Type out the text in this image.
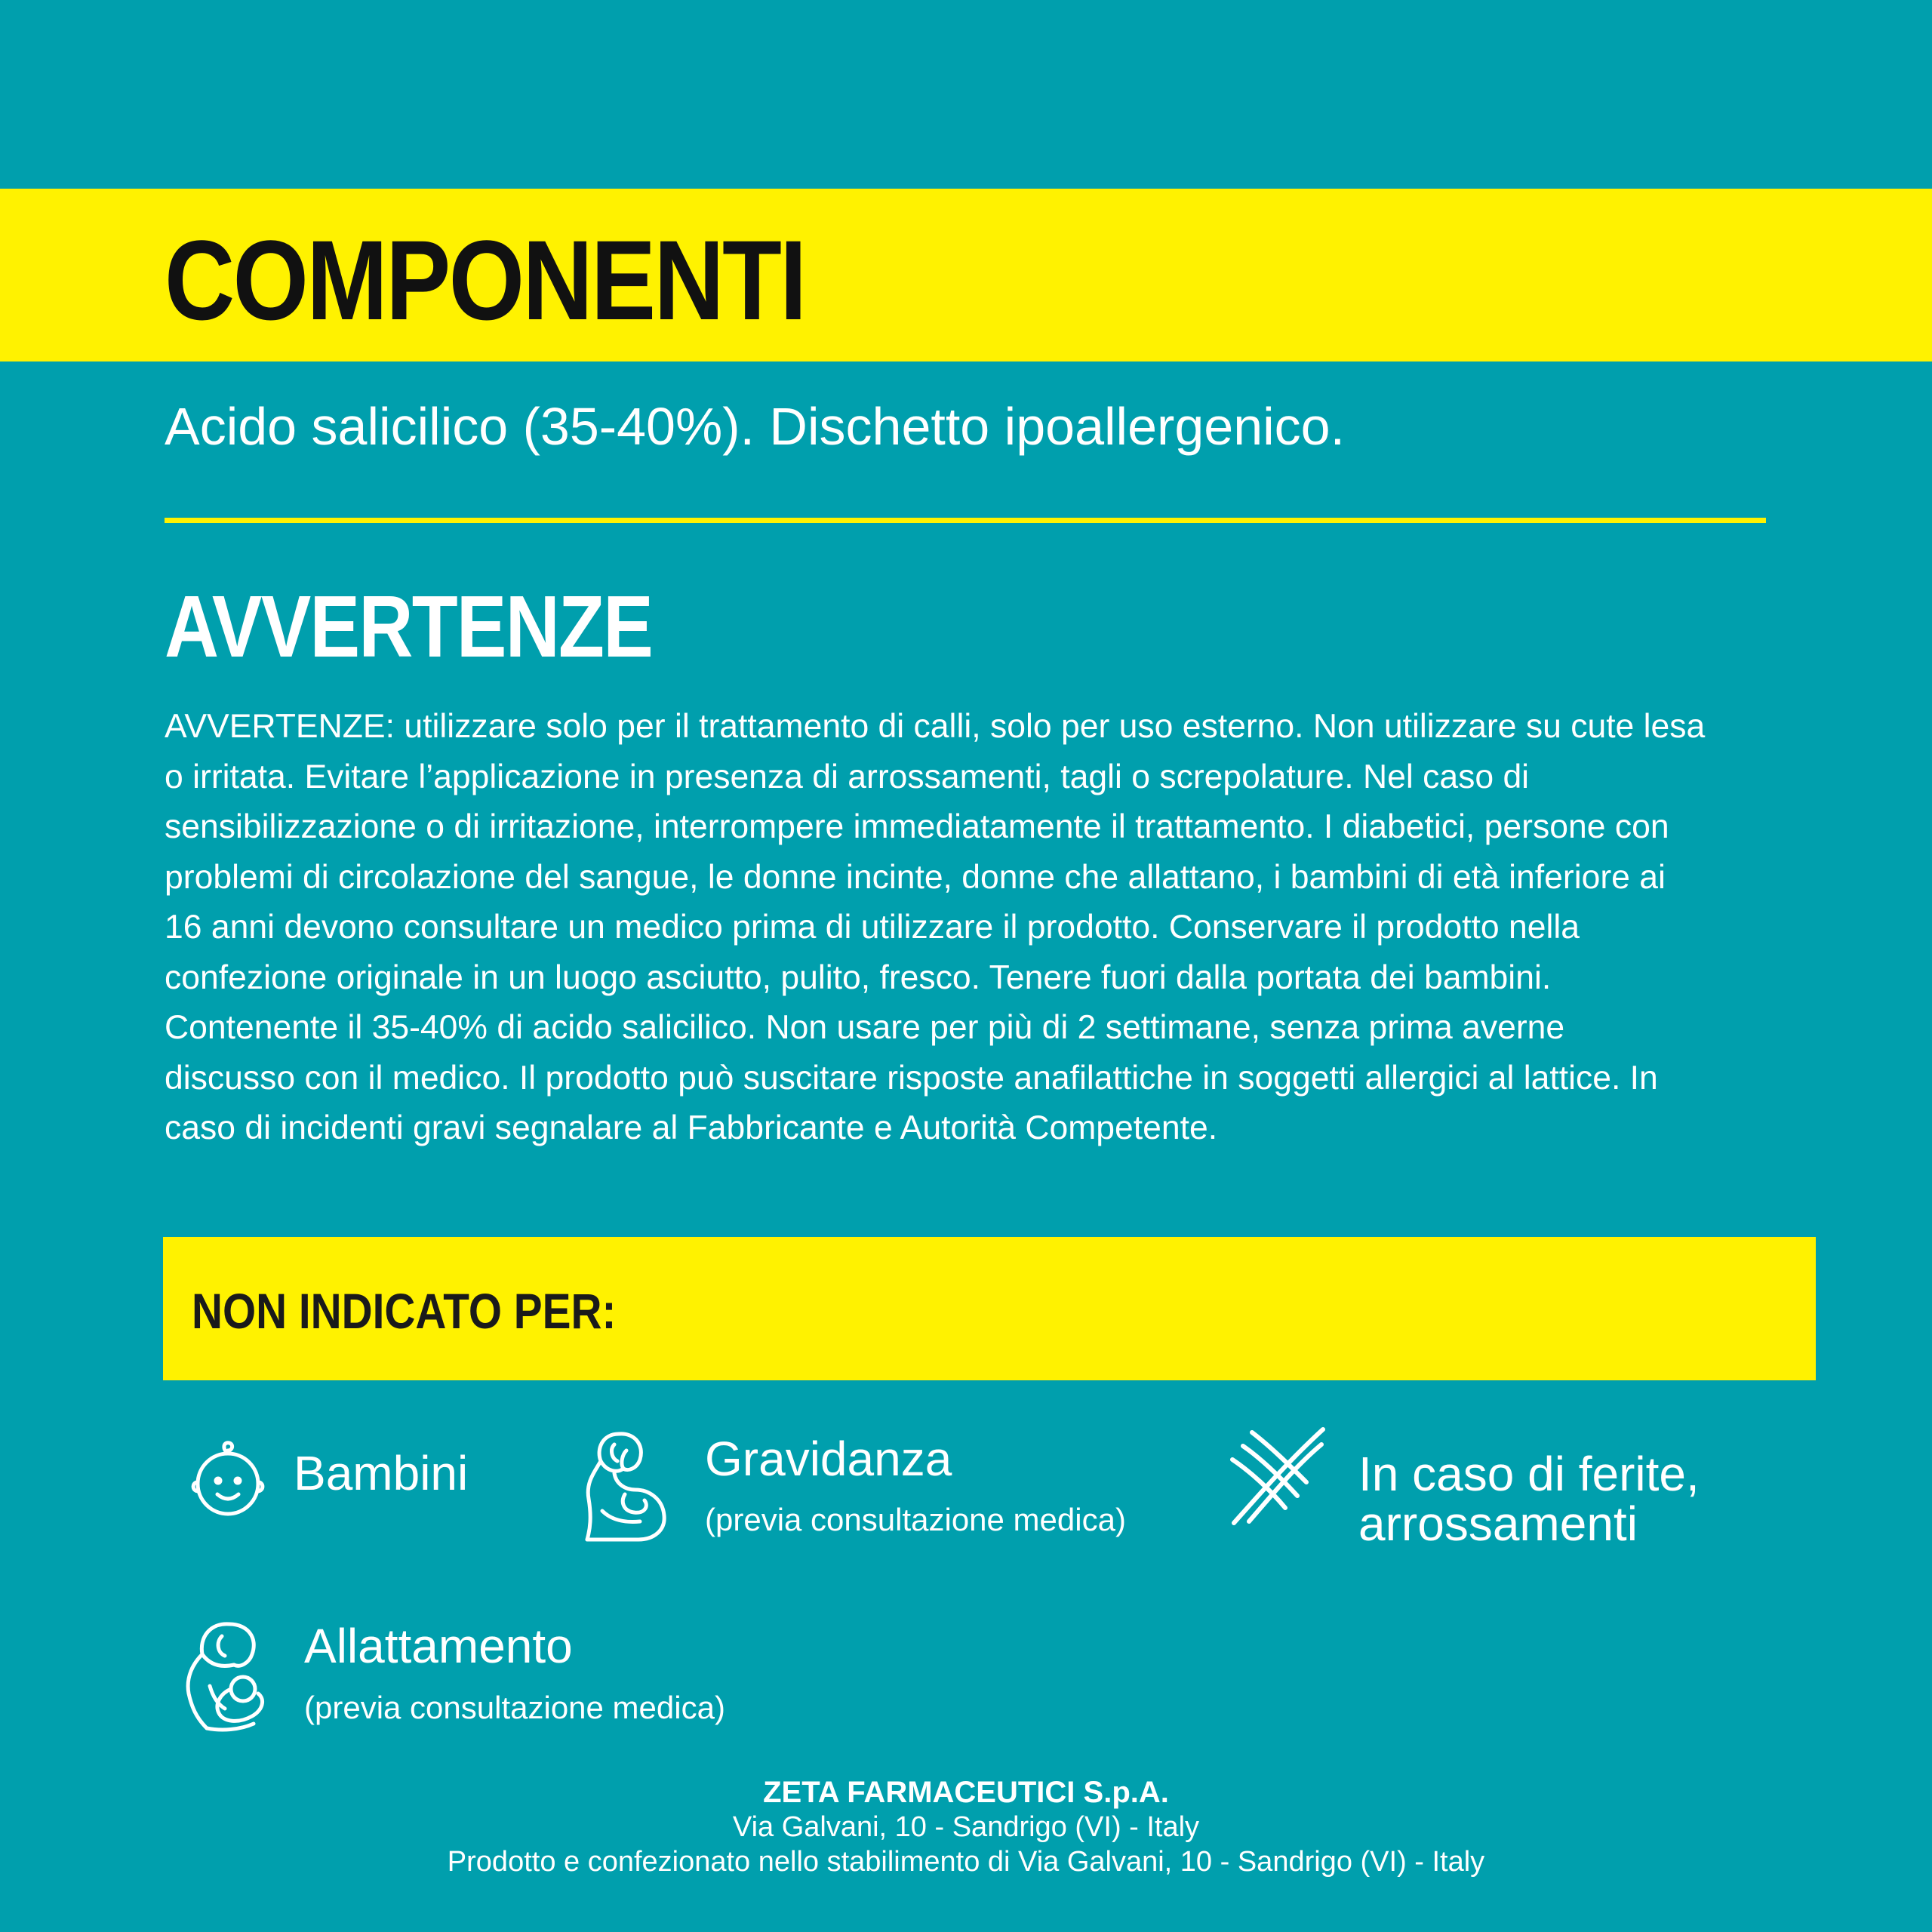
COMPONENTI
Acido salicilico (35-40%). Dischetto ipoallergenico.
AVVERTENZE
AVVERTENZE: utilizzare solo per il trattamento di calli, solo per uso esterno. Non utilizzare su cute lesa
o irritata. Evitare l’applicazione in presenza di arrossamenti, tagli o screpolature. Nel caso di
sensibilizzazione o di irritazione, interrompere immediatamente il trattamento. I diabetici, persone con
problemi di circolazione del sangue, le donne incinte, donne che allattano, i bambini di età inferiore ai
16 anni devono consultare un medico prima di utilizzare il prodotto. Conservare il prodotto nella
confezione originale in un luogo asciutto, pulito, fresco. Tenere fuori dalla portata dei bambini.
Contenente il 35-40% di acido salicilico. Non usare per più di 2 settimane, senza prima averne
discusso con il medico. Il prodotto può suscitare risposte anafilattiche in soggetti allergici al lattice. In
caso di incidenti gravi segnalare al Fabbricante e Autorità Competente.
NON INDICATO PER:
Bambini	Gravidanza
(previa consultazione medica)
In caso di ferite,
arrossamenti
Allattamento
(previa consultazione medica)
ZETA FARMACEUTICI S.p.A.
Via Galvani, 10 - Sandrigo (VI) - Italy
Prodotto e confezionato nello stabilimento di Via Galvani, 10 - Sandrigo (VI) - Italy
